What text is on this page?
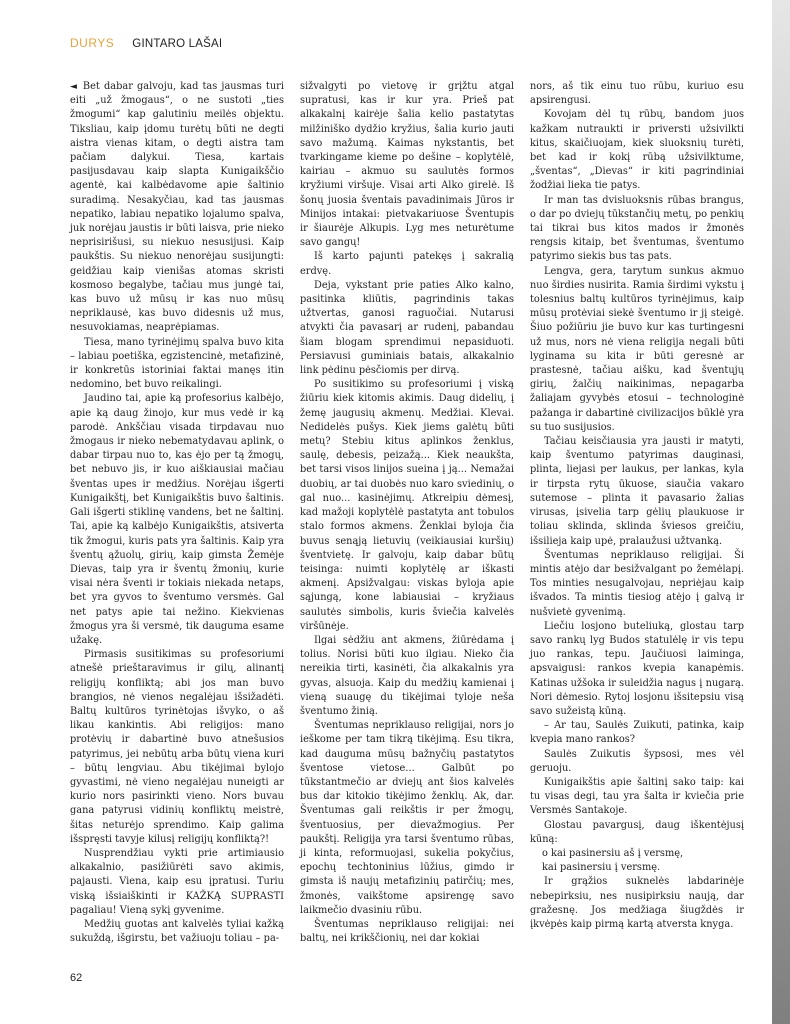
DURYS GINTARO LAŠAI

◄ Bet dabar galvoju, kad tas jausmas turi eiti „už žmogaus“, o ne sustoti „ties žmogumi“ kap galutiniu meilės objektu. Tiksliau, kaip įdomu turėtų būti ne degti aistra vienas kitam, o degti aistra tam pačiam dalykui. Tiesa, kartais pasijusdavau kaip slapta Kunigaikščio agentė, kai kalbėdavome apie šaltinio suradimą. Nesakyčiau, kad tas jausmas nepatiko, labiau nepatiko lojalumo spalva, juk norėjau jaustis ir būti laisva, prie nieko neprisirišusi, su niekuo nesusijusi. Kaip paukštis. Su niekuo nenorėjau susijungti: geidžiau kaip vienišas atomas skristi kosmoso begalybe, tačiau mus jungė tai, kas buvo už mūsų ir kas nuo mūsų nepriklausė, kas buvo didesnis už mus, nesuvokiamas, neaprėpiamas.

Tiesa, mano tyrinėjimų spalva buvo kita – labiau poetiška, egzistencinė, metafizinė, ir konkretūs istoriniai faktai manęs itin nedomino, bet buvo reikalingi.

Jaudino tai, apie ką profesorius kalbėjo, apie ką daug žinojo, kur mus vedė ir ką parodė. Ankščiau visada tirpdavau nuo žmogaus ir nieko nebematydavau aplink, o dabar tirpau nuo to, kas ėjo per tą žmogų, bet nebuvo jis, ir kuo aiškiausiai mačiau šventas upes ir medžius. Norėjau išgerti Kunigaikštį, bet Kunigaikštis buvo šaltinis. Gali išgerti stiklinę vandens, bet ne šaltinį. Tai, apie ką kalbėjo Kunigaikštis, atsiverta tik žmogui, kuris pats yra šaltinis. Kaip yra šventų ąžuolų, girių, kaip gimsta Žemėje Dievas, taip yra ir šventų žmonių, kurie visai nėra šventi ir tokiais niekada netaps, bet yra gyvos to šventumo versmės. Gal net patys apie tai nežino. Kiekvienas žmogus yra ši versmė, tik dauguma esame užakę.

Pirmasis susitikimas su profesoriumi atnešė prieštaravimus ir gilų, alinantį religijų konfliktą; abi jos man buvo brangios, nė vienos negalėjau išsižadėti. Baltų kultūros tyrinėtojas išvyko, o aš likau kankintis. Abi religijos: mano protėvių ir dabartinė buvo atnešusios patyrimus, jei nebūtų arba būtų viena kuri – būtų lengviau. Abu tikėjimai bylojo gyvastimi, nė vieno negalėjau nuneigti ar kurio nors pasirinkti vieno. Nors buvau gana patyrusi vidinių konfliktų meistrė, šitas neturėjo sprendimo. Kaip galima išspręsti tavyje kilusį religijų konfliktą?!

Nusprendžiau vykti prie artimiausio alkakalnio, pasižiūrėti savo akimis, pajausti. Viena, kaip esu įpratusi. Turiu viską išsiaiškinti ir KAŽKĄ SUPRASTI pagaliau! Vieną sykį gyvenime.

Medžių guotas ant kalvelės tyliai kažką sukuždą, išgirstu, bet važiuoju toliau – pa-

sižvalgyti po vietovę ir grįžtu atgal supratusi, kas ir kur yra. Prieš pat alkakalnį kairėje šalia kelio pastatytas milžiniško dydžio kryžius, šalia kurio jauti savo mažumą. Kaimas nykstantis, bet tvarkingame kieme po dešine – koplytėlė, kairiau – akmuo su saulutės formos kryžiumi viršuje. Visai arti Alko girelė. Iš šonų juosia šventais pavadinimais Jūros ir Minijos intakai: pietvakariuose Šventupis ir šiaurėje Alkupis. Lyg mes neturėtume savo gangų!

Iš karto pajunti patekęs į sakralią erdvę.

Deja, vykstant prie paties Alko kalno, pasitinka kliūtis, pagrindinis takas užtvertas, ganosi raguočiai. Nutarusi atvykti čia pavasarį ar rudenį, pabandau šiam blogam sprendimui nepasiduoti. Persiavusi guminiais batais, alkakalnio link pėdinu pėsčiomis per dirvą.

Po susitikimo su profesoriumi į viską žiūriu kiek kitomis akimis. Daug didelių, į žemę jaugusių akmenų. Medžiai. Klevai. Nedidelės pušys. Kiek jiems galėtų būti metų? Stebiu kitus aplinkos ženklus, saulę, debesis, peizažą... Kiek neaukšta, bet tarsi visos linijos sueina į ją... Nemažai duobių, ar tai duobės nuo karo sviedinių, o gal nuo... kasinėjimų. Atkreipiu dėmesį, kad mažoji koplytėlė pastatyta ant tobulos stalo formos akmens. Ženklai byloja čia buvus senąją lietuvių (veikiausiai kuršių) šventvietę. Ir galvoju, kaip dabar būtų teisinga: nuimti koplytėlę ar iškasti akmenį. Apsižvalgau: viskas byloja apie sąjungą, kone labiausiai – kryžiaus saulutės simbolis, kuris šviečia kalvelės viršūnėje.

Ilgai sėdžiu ant akmens, žiūrėdama į tolius. Norisi būti kuo ilgiau. Nieko čia nereikia tirti, kasinėti, čia alkakalnis yra gyvas, alsuoja. Kaip du medžių kamienai į vieną suaugę du tikėjimai tyloje neša šventumo žinią.

Šventumas nepriklauso religijai, nors jo ieškome per tam tikrą tikėjimą. Esu tikra, kad dauguma mūsų bažnyčių pastatytos šventose vietose... Galbūt po tūkstantmečio ar dviejų ant šios kalvelės bus dar kitokio tikėjimo ženklų. Ak, dar. Šventumas gali reikštis ir per žmogų, šventuosius, per dievažmogius. Per paukštį. Religija yra tarsi šventumo rūbas, ji kinta, reformuojasi, sukelia pokyčius, epochų techtoninius lūžius, gimdo ir gimsta iš naujų metafizinių patirčių; mes, žmonės, vaikštome apsirengę savo laikmečio dvasiniu rūbu.

Šventumas nepriklauso religijai: nei baltų, nei krikščionių, nei dar kokiai

nors, aš tik einu tuo rūbu, kuriuo esu apsirengusi.

Kovojam dėl tų rūbų, bandom juos kažkam nutraukti ir priversti užsivilkti kitus, skaičiuojam, kiek sluoksnių turėti, bet kad ir kokį rūbą užsivilktume, „šventas“, „Dievas“ ir kiti pagrindiniai žodžiai lieka tie patys.

Ir man tas dvisluoksnis rūbas brangus, o dar po dviejų tūkstančių metų, po penkių tai tikrai bus kitos mados ir žmonės rengsis kitaip, bet šventumas, šventumo patyrimo siekis bus tas pats.

Lengva, gera, tarytum sunkus akmuo nuo širdies nusirita. Ramia širdimi vykstu į tolesnius baltų kultūros tyrinėjimus, kaip mūsų protėviai siekė šventumo ir jį steigė. Šiuo požiūriu jie buvo kur kas turtingesni už mus, nors nė viena religija negali būti lyginama su kita ir būti geresnė ar prastesnė, tačiau aišku, kad šventųjų girių, žalčių naikinimas, nepagarba žaliajam gyvybės etosui – technologinė pažanga ir dabartinė civilizacijos būklė yra su tuo susijusios.

Tačiau keisčiausia yra jausti ir matyti, kaip šventumo patyrimas dauginasi, plinta, liejasi per laukus, per lankas, kyla ir tirpsta rytų ūkuose, siaučia vakaro sutemose – plinta it pavasario žalias virusas, įsivelia tarp gėlių plaukuose ir toliau sklinda, sklinda šviesos greičiu, išsilieja kaip upė, pralaužusi užtvanką.

Šventumas nepriklauso religijai. Ši mintis atėjo dar besižvalgant po žemėlapį. Tos minties nesugalvojau, nepriėjau kaip išvados. Ta mintis tiesiog atėjo į galvą ir nušvietė gyvenimą.

Liečiu losjono buteliuką, glostau tarp savo rankų lyg Budos statulėlę ir vis tepu juo rankas, tepu. Jaučiuosi laiminga, apsvaigusi: rankos kvepia kanapėmis. Katinas užšoka ir suleidžia nagus į nugarą. Nori dėmesio. Rytoj losjonu išsitepsiu visą savo sužeistą kūną.

– Ar tau, Saulės Zuikuti, patinka, kaip kvepia mano rankos?

Saulės Zuikutis šypsosi, mes vėl geruoju.

Kunigaikštis apie šaltinį sako taip: kai tu visas degi, tau yra šalta ir kviečia prie Versmės Santakoje.

Glostau pavargusį, daug iškentėjusį kūną:

o kai pasinersiu aš į versmę,

kai pasinersiu į versmę.

Ir grąžios suknelės labdarinėje nebepirksiu, nes nusipirksiu naują, dar gražesnę. Jos medžiaga šiugždės ir įkvėpės kaip pirmą kartą atversta knyga.

62
